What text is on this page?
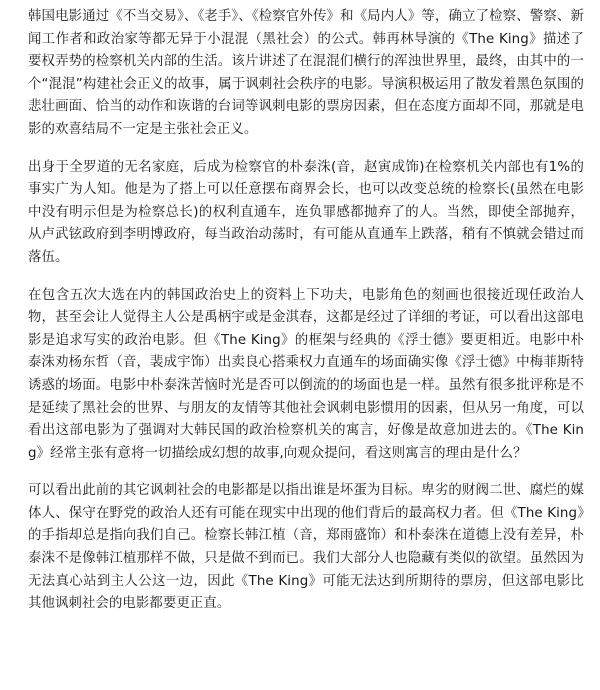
韩国电影通过《不当交易》、《老手》、《检察官外传》和《局内人》等，确立了检察、警察、新闻工作者和政治家等都无异于小混混（黑社会）的公式。韩再林导演的《The King》描述了要权弄势的检察机关内部的生活。该片讲述了在混混们横行的浑浊世界里，最终，由其中的一个“混混”构建社会正义的故事，属于讽刺社会秩序的电影。导演积极运用了散发着黑色氛围的悲壮画面、恰当的动作和诙谐的台词等讽刺电影的票房因素，但在态度方面却不同，那就是电影的欢喜结局不一定是主张社会正义。

出身于全罗道的无名家庭，后成为检察官的朴泰洙(音，赵寅成饰)在检察机关内部也有1%的事实广为人知。他是为了搭上可以任意摆布商界会长，也可以改变总统的检察长(虽然在电影中没有明示但是为检察总长)的权利直通车，连负罪感都抛弃了的人。当然，即使全部抛弃，从卢武铉政府到李明博政府，每当政治动荡时，有可能从直通车上跌落，稍有不慎就会错过而落伍。

在包含五次大选在内的韩国政治史上的资料上下功夫，电影角色的刻画也很接近现任政治人物，甚至会让人觉得主人公是禹柄宇或是金淇春，这都是经过了详细的考证，可以看出这部电影是追求写实的政治电影。但《The King》的框架与经典的《浮士德》要更相近。电影中朴泰洙劝杨东哲（音，裴成宇饰）出卖良心搭乘权力直通车的场面确实像《浮士德》中梅菲斯特诱惑的场面。电影中朴泰洙苦恼时光是否可以倒流的的场面也是一样。虽然有很多批评称是不是延续了黑社会的世界、与朋友的友情等其他社会讽刺电影惯用的因素，但从另一角度，可以看出这部电影为了强调对大韩民国的政治检察机关的寓言，好像是故意加进去的。《The King》经常主张有意将一切描绘成幻想的故事,向观众提问，看这则寓言的理由是什么？

可以看出此前的其它讽刺社会的电影都是以指出谁是坏蛋为目标。卑劣的财阀二世、腐烂的媒体人、保守在野党的政治人还有可能在现实中出现的他们背后的最高权力者。但《The King》的手指却总是指向我们自己。检察长韩江植（音，郑雨盛饰）和朴泰洙在道德上没有差异，朴泰洙不是像韩江植那样不做，只是做不到而已。我们大部分人也隐藏有类似的欲望。虽然因为无法真心站到主人公这一边，因此《The King》可能无法达到所期待的票房，但这部电影比其他讽刺社会的电影都要更正直。
